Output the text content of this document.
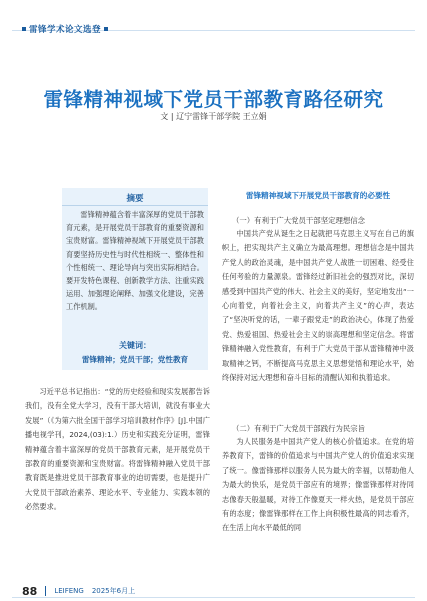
雷锋学术论文选登
雷锋精神视域下党员干部教育路径研究
文 | 辽宁雷锋干部学院 王立娟
摘要
雷锋精神蕴含着丰富深厚的党员干部教育元素，是开展党员干部教育的重要资源和宝贵财富。雷锋精神视域下开展党员干部教育要坚持历史性与时代性相统一、整体性和个性相统一、理论导向与突出实际相结合。要开发特色课程、创新教学方法、注重实践运用、加强理论阐释、加强文化建设，完善工作机制。
关键词：
雷锋精神；党员干部；党性教育

习近平总书记指出：“党的历史经验和现实发展都告诉我们，没有全党大学习，没有干部大培训，就没有事业大发展”（《为第六批全国干部学习培训教材作序》[J].中国广播电视学刊，2024,(03):1.）历史和实践充分证明，雷锋精神蕴含着丰富深厚的党员干部教育元素，是开展党员干部教育的重要资源和宝贵财富。将雷锋精神融入党员干部教育既是推进党员干部教育事业的迫切需要，也是提升广大党员干部政治素养、理论水平、专业能力、实践本领的必然要求。

雷锋精神视域下开展党员干部教育的必要性

（一）有利于广大党员干部坚定理想信念

中国共产党从诞生之日起就把马克思主义写在自己的旗帜上，把实现共产主义确立为最高理想。理想信念是中国共产党人的政治灵魂，是中国共产党人战胜一切困难、经受住任何考验的力量源泉。雷锋经过新旧社会的强烈对比，深切感受到中国共产党的伟大、社会主义的美好，坚定地发出“一心向着党，向着社会主义，向着共产主义”的心声，表达了“坚决听党的话，一辈子跟党走”的政治决心，体现了热爱党、热爱祖国、热爱社会主义的崇高理想和坚定信念。将雷锋精神融入党性教育，有利于广大党员干部从雷锋精神中汲取精神之钙，不断提高马克思主义思想觉悟和理论水平，始终保持对远大理想和奋斗目标的清醒认知和执着追求。

（二）有利于广大党员干部践行为民宗旨

为人民服务是中国共产党人的核心价值追求。在党的培养教育下，雷锋的价值追求与中国共产党人的价值追求实现了统一。像雷锋那样以服务人民为最大的幸福，以帮助他人为最大的快乐，是党员干部应有的境界；像雷锋那样对待同志像春天般温暖，对待工作像夏天一样火热，是党员干部应有的态度；像雷锋那样在工作上向积极性最高的同志看齐，在生活上向水平最低的同

88 LEIFENG 2025年6月上
